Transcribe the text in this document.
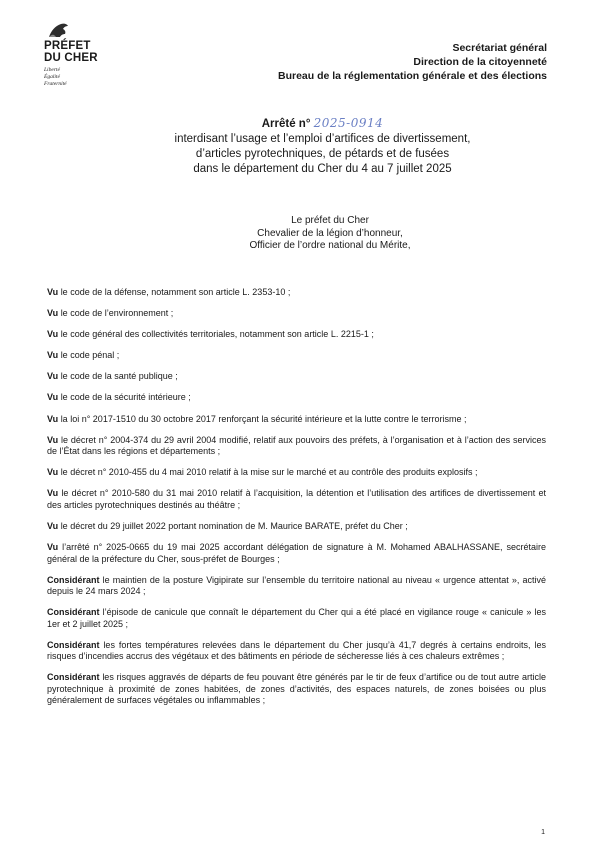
PRÉFET
DU CHER
Liberté
Égalité
Fraternité
Secrétariat général
Direction de la citoyenneté
Bureau de la réglementation générale et des élections
Arrêté n° 2025-0914
interdisant l’usage et l’emploi d’artifices de divertissement,
d’articles pyrotechniques, de pétards et de fusées
dans le département du Cher du 4 au 7 juillet 2025
Le préfet du Cher
Chevalier de la légion d’honneur,
Officier de l’ordre national du Mérite,

Vu le code de la défense, notamment son article L. 2353-10 ;

Vu le code de l’environnement ;

Vu le code général des collectivités territoriales, notamment son article L. 2215-1 ;

Vu le code pénal ;

Vu le code de la santé publique ;

Vu le code de la sécurité intérieure ;

Vu la loi n° 2017-1510 du 30 octobre 2017 renforçant la sécurité intérieure et la lutte contre le terrorisme ;

Vu le décret n° 2004-374 du 29 avril 2004 modifié, relatif aux pouvoirs des préfets, à l’organisation et à l’action des services de l’État dans les régions et départements ;

Vu le décret n° 2010-455 du 4 mai 2010 relatif à la mise sur le marché et au contrôle des produits explosifs ;

Vu le décret n° 2010-580 du 31 mai 2010 relatif à l’acquisition, la détention et l’utilisation des artifices de divertissement et des articles pyrotechniques destinés au théâtre ;

Vu le décret du 29 juillet 2022 portant nomination de M. Maurice BARATE, préfet du Cher ;

Vu l’arrêté n° 2025-0665 du 19 mai 2025 accordant délégation de signature à M. Mohamed ABALHASSANE, secrétaire général de la préfecture du Cher, sous-préfet de Bourges ;

Considérant le maintien de la posture Vigipirate sur l’ensemble du territoire national au niveau « urgence attentat », activé depuis le 24 mars 2024 ;

Considérant l’épisode de canicule que connaît le département du Cher qui a été placé en vigilance rouge « canicule » les 1er et 2 juillet 2025 ;

Considérant les fortes températures relevées dans le département du Cher jusqu’à 41,7 degrés à certains endroits, les risques d’incendies accrus des végétaux et des bâtiments en période de sécheresse liés à ces chaleurs extrêmes ;

Considérant les risques aggravés de départs de feu pouvant être générés par le tir de feux d’artifice ou de tout autre article pyrotechnique à proximité de zones habitées, de zones d’activités, des espaces naturels, de zones boisées ou plus généralement de surfaces végétales ou inflammables ;

1
